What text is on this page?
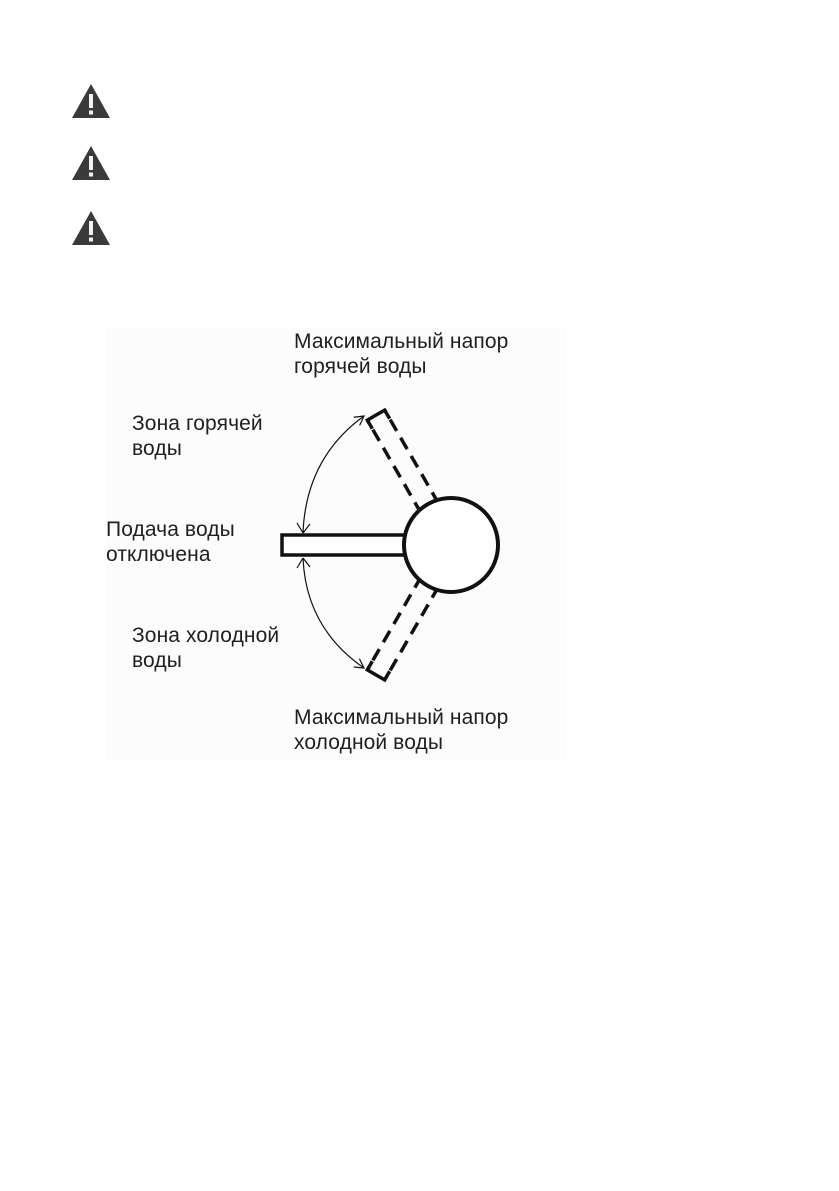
Максимальный напор
горячей воды
Зона горячей
воды
Подача воды
отключена
Зона холодной
воды
Максимальный напор
холодной воды
